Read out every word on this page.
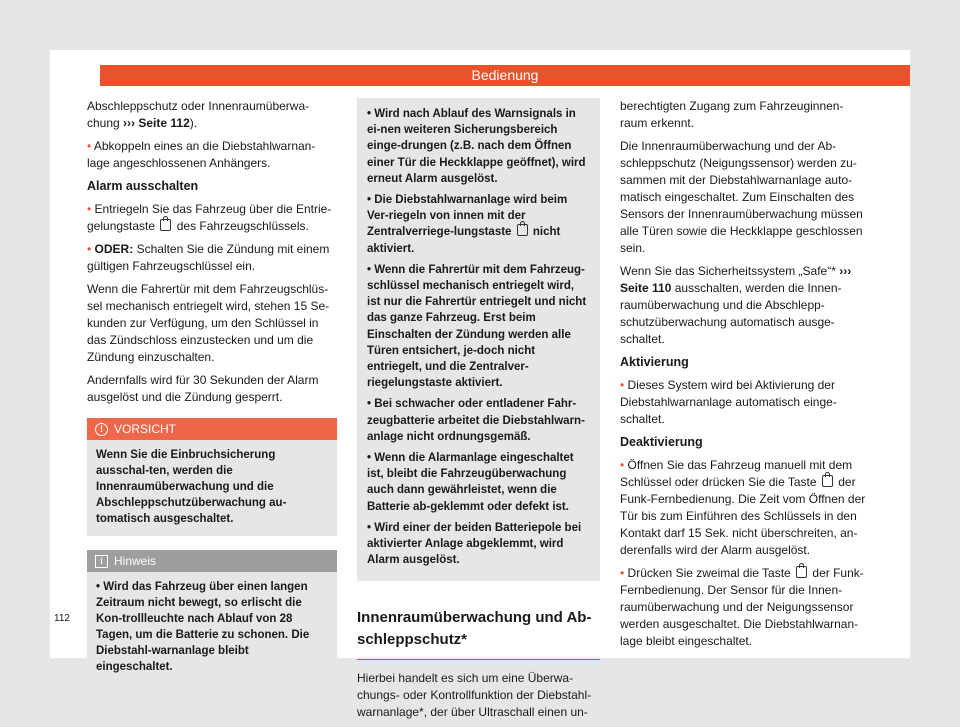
Bedienung

Abschleppschutz oder Innenraumüberwa-chung ››› Seite 112).

• Abkoppeln eines an die Diebstahlwarnan-lage angeschlossenen Anhängers.

Alarm ausschalten

• Entriegeln Sie das Fahrzeug über die Entrie-gelungstaste des Fahrzeugschlüssels.

• ODER: Schalten Sie die Zündung mit einem gültigen Fahrzeugschlüssel ein.

Wenn die Fahrertür mit dem Fahrzeugschlüs-sel mechanisch entriegelt wird, stehen 15 Se-kunden zur Verfügung, um den Schlüssel in das Zündschloss einzustecken und um die Zündung einzuschalten.

Andernfalls wird für 30 Sekunden der Alarm ausgelöst und die Zündung gesperrt.

! VORSICHT
Wenn Sie die Einbruchsicherung ausschal-ten, werden die Innenraumüberwachung und die Abschleppschutzüberwachung au-tomatisch ausgeschaltet.
i Hinweis
• Wird das Fahrzeug über einen langen Zeitraum nicht bewegt, so erlischt die Kon-trollleuchte nach Ablauf von 28 Tagen, um die Batterie zu schonen. Die Diebstahl-warnanlage bleibt eingeschaltet.

• Wird nach Ablauf des Warnsignals in ei-nen weiteren Sicherungsbereich einge-drungen (z.B. nach dem Öffnen einer Tür die Heckklappe geöffnet), wird erneut Alarm ausgelöst.

• Die Diebstahlwarnanlage wird beim Ver-riegeln von innen mit der Zentralverriege-lungstaste nicht aktiviert.

• Wenn die Fahrertür mit dem Fahrzeug-schlüssel mechanisch entriegelt wird, ist nur die Fahrertür entriegelt und nicht das ganze Fahrzeug. Erst beim Einschalten der Zündung werden alle Türen entsichert, je-doch nicht entriegelt, und die Zentralver-riegelungstaste aktiviert.

• Bei schwacher oder entladener Fahr-zeugbatterie arbeitet die Diebstahlwarn-anlage nicht ordnungsgemäß.

• Wenn die Alarmanlage eingeschaltet ist, bleibt die Fahrzeugüberwachung auch dann gewährleistet, wenn die Batterie ab-geklemmt oder defekt ist.

• Wird einer der beiden Batteriepole bei aktivierter Anlage abgeklemmt, wird Alarm ausgelöst.

Innenraumüberwachung und Ab-schleppschutz*

Hierbei handelt es sich um eine Überwa-chungs- oder Kontrollfunktion der Diebstahl-warnanlage*, der über Ultraschall einen un-

berechtigten Zugang zum Fahrzeuginnen-raum erkennt.

Die Innenraumüberwachung und der Ab-schleppschutz (Neigungssensor) werden zu-sammen mit der Diebstahlwarnanlage auto-matisch eingeschaltet. Zum Einschalten des Sensors der Innenraumüberwachung müssen alle Türen sowie die Heckklappe geschlossen sein.

Wenn Sie das Sicherheitssystem „Safe“* ››› Seite 110 ausschalten, werden die Innen-raumüberwachung und die Abschlepp-schutzüberwachung automatisch ausge-schaltet.

Aktivierung

• Dieses System wird bei Aktivierung der Diebstahlwarnanlage automatisch einge-schaltet.

Deaktivierung

• Öffnen Sie das Fahrzeug manuell mit dem Schlüssel oder drücken Sie die Taste der Funk-Fernbedienung. Die Zeit vom Öffnen der Tür bis zum Einführen des Schlüssels in den Kontakt darf 15 Sek. nicht überschreiten, an-derenfalls wird der Alarm ausgelöst.

• Drücken Sie zweimal die Taste der Funk-Fernbedienung. Der Sensor für die Innen-raumüberwachung und der Neigungssensor werden ausgeschaltet. Die Diebstahlwarnan-lage bleibt eingeschaltet.

112
